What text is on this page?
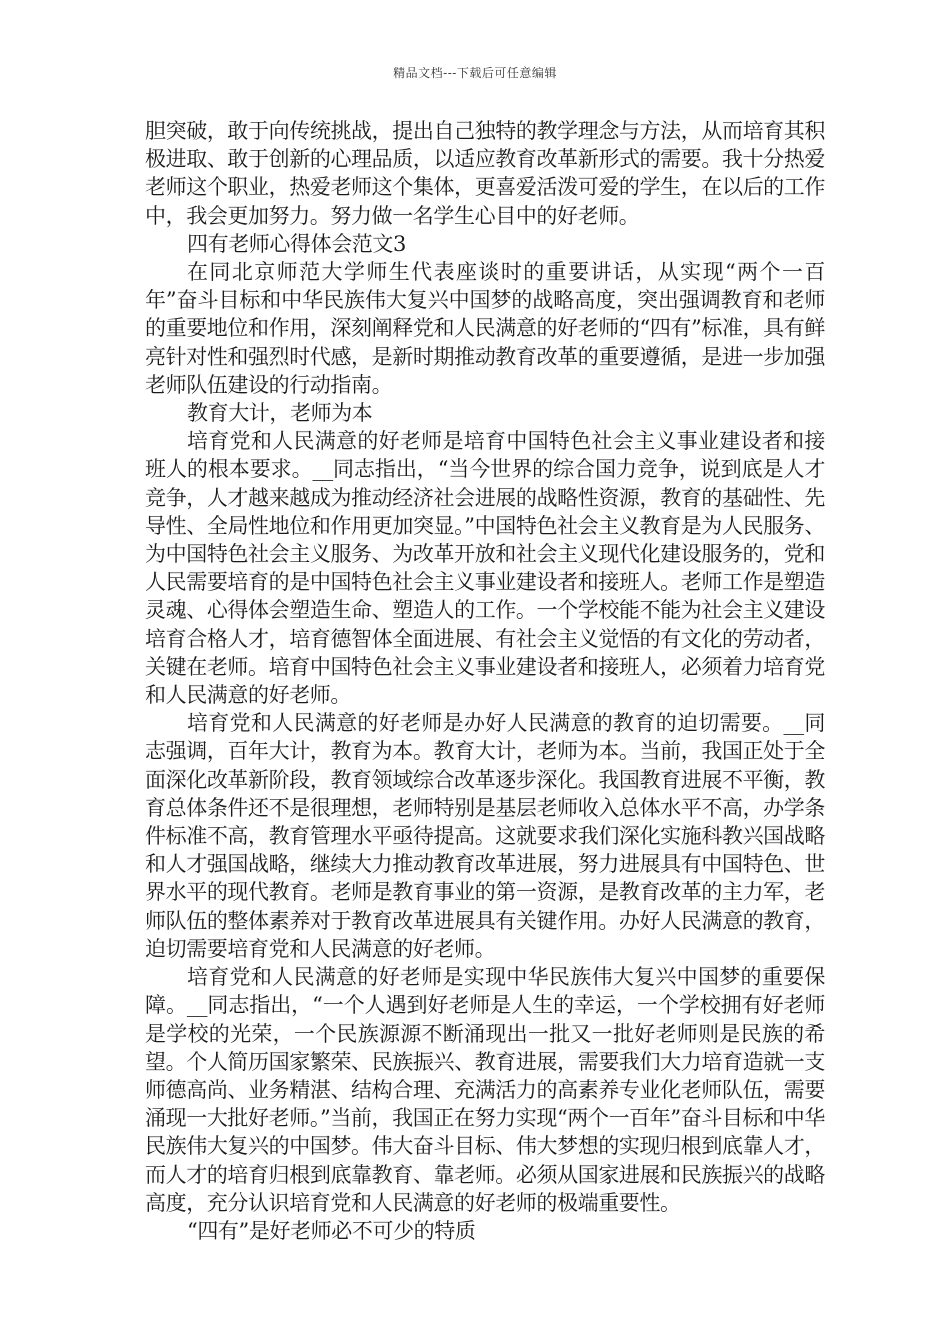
精品文档---下载后可任意编辑

胆突破，敢于向传统挑战，提出自己独特的教学理念与方法，从而培育其积极进取、敢于创新的心理品质，以适应教育改革新形式的需要。我十分热爱老师这个职业，热爱老师这个集体，更喜爱活泼可爱的学生，在以后的工作中，我会更加努力。努力做一名学生心目中的好老师。

四有老师心得体会范文3

在同北京师范大学师生代表座谈时的重要讲话，从实现“两个一百年”奋斗目标和中华民族伟大复兴中国梦的战略高度，突出强调教育和老师的重要地位和作用，深刻阐释党和人民满意的好老师的“四有”标准，具有鲜亮针对性和强烈时代感，是新时期推动教育改革的重要遵循，是进一步加强老师队伍建设的行动指南。

教育大计，老师为本

培育党和人民满意的好老师是培育中国特色社会主义事业建设者和接班人的根本要求。__同志指出，“当今世界的综合国力竞争，说到底是人才竞争，人才越来越成为推动经济社会进展的战略性资源，教育的基础性、先导性、全局性地位和作用更加突显。”中国特色社会主义教育是为人民服务、为中国特色社会主义服务、为改革开放和社会主义现代化建设服务的，党和人民需要培育的是中国特色社会主义事业建设者和接班人。老师工作是塑造灵魂、心得体会塑造生命、塑造人的工作。一个学校能不能为社会主义建设培育合格人才，培育德智体全面进展、有社会主义觉悟的有文化的劳动者，关键在老师。培育中国特色社会主义事业建设者和接班人，必须着力培育党和人民满意的好老师。

培育党和人民满意的好老师是办好人民满意的教育的迫切需要。__同志强调，百年大计，教育为本。教育大计，老师为本。当前，我国正处于全面深化改革新阶段，教育领域综合改革逐步深化。我国教育进展不平衡，教育总体条件还不是很理想，老师特别是基层老师收入总体水平不高，办学条件标准不高，教育管理水平亟待提高。这就要求我们深化实施科教兴国战略和人才强国战略，继续大力推动教育改革进展，努力进展具有中国特色、世界水平的现代教育。老师是教育事业的第一资源，是教育改革的主力军，老师队伍的整体素养对于教育改革进展具有关键作用。办好人民满意的教育，迫切需要培育党和人民满意的好老师。

培育党和人民满意的好老师是实现中华民族伟大复兴中国梦的重要保障。__同志指出，“一个人遇到好老师是人生的幸运，一个学校拥有好老师是学校的光荣，一个民族源源不断涌现出一批又一批好老师则是民族的希望。个人简历国家繁荣、民族振兴、教育进展，需要我们大力培育造就一支师德高尚、业务精湛、结构合理、充满活力的高素养专业化老师队伍，需要涌现一大批好老师。”当前，我国正在努力实现“两个一百年”奋斗目标和中华民族伟大复兴的中国梦。伟大奋斗目标、伟大梦想的实现归根到底靠人才，而人才的培育归根到底靠教育、靠老师。必须从国家进展和民族振兴的战略高度，充分认识培育党和人民满意的好老师的极端重要性。

“四有”是好老师必不可少的特质
